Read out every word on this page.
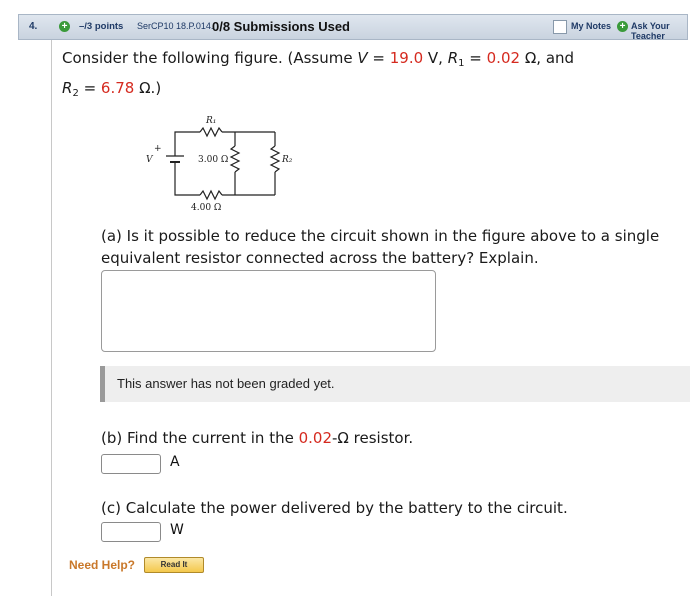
4. + –/3 points SerCP10 18.P.014.
0/8 Submissions Used	My Notes + Ask Your Teacher
Consider the following figure. (Assume V = 19.0 V, $R_1 = 0.02$ Ω, and
$R_2 = 6.78$ Ω.)
R₁
V
+
3.00 Ω	R₂
4.00 Ω
(a) Is it possible to reduce the circuit shown in the figure above to a single
equivalent resistor connected across the battery? Explain.
This answer has not been graded yet.
(b) Find the current in the 0.02-Ω resistor.
A
(c) Calculate the power delivered by the battery to the circuit.
W
Need Help?	Read It
